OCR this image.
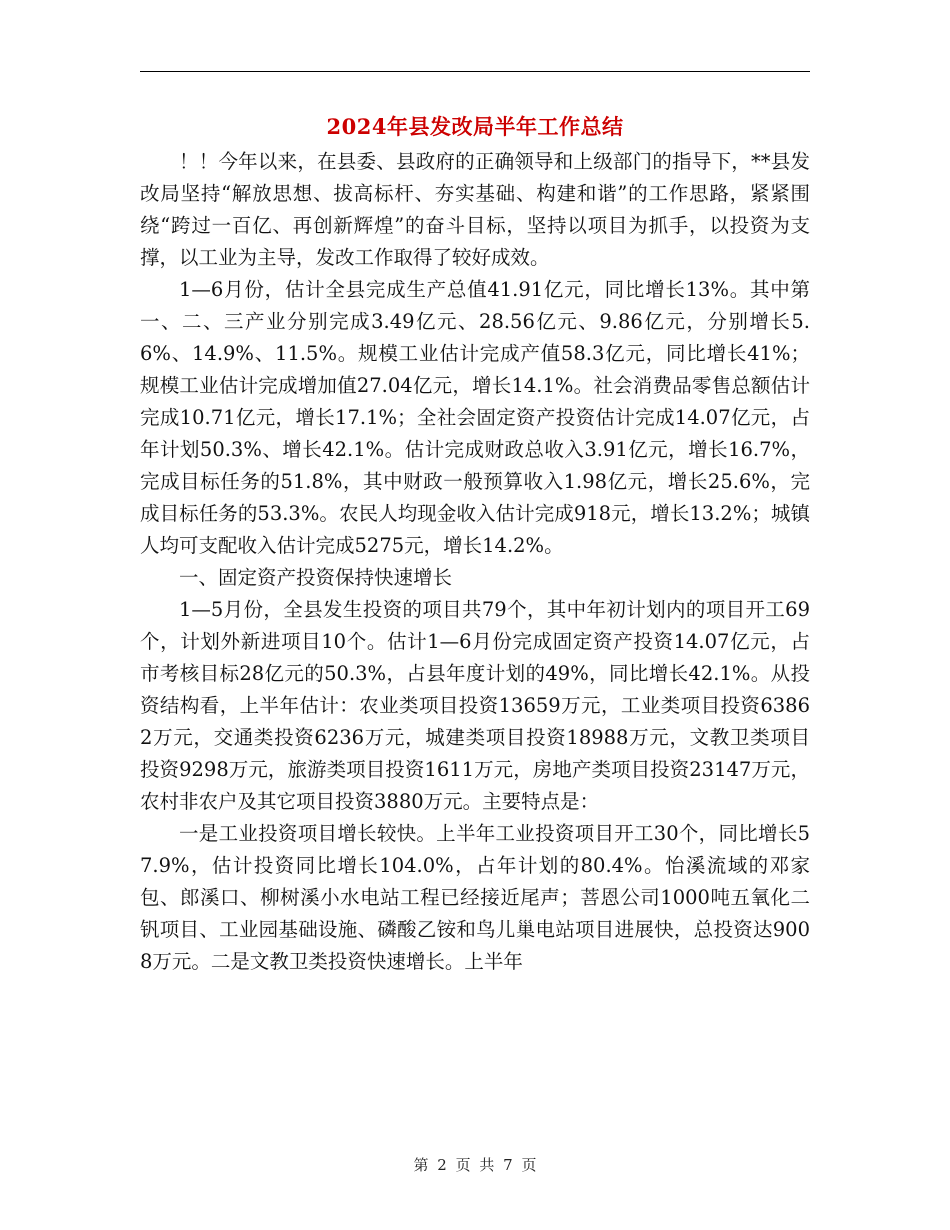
2024年县发改局半年工作总结

！！今年以来，在县委、县政府的正确领导和上级部门的指导下，**县发改局坚持“解放思想、拔高标杆、夯实基础、构建和谐”的工作思路，紧紧围绕“跨过一百亿、再创新辉煌”的奋斗目标，坚持以项目为抓手，以投资为支撑，以工业为主导，发改工作取得了较好成效。

1—6月份，估计全县完成生产总值41.91亿元，同比增长13%。其中第一、二、三产业分别完成3.49亿元、28.56亿元、9.86亿元，分别增长5.6%、14.9%、11.5%。规模工业估计完成产值58.3亿元，同比增长41%；规模工业估计完成增加值27.04亿元，增长14.1%。社会消费品零售总额估计完成10.71亿元，增长17.1%；全社会固定资产投资估计完成14.07亿元，占年计划50.3%、增长42.1%。估计完成财政总收入3.91亿元，增长16.7%，完成目标任务的51.8%，其中财政一般预算收入1.98亿元，增长25.6%，完成目标任务的53.3%。农民人均现金收入估计完成918元，增长13.2%；城镇人均可支配收入估计完成5275元，增长14.2%。

一、固定资产投资保持快速增长

1—5月份，全县发生投资的项目共79个，其中年初计划内的项目开工69个，计划外新进项目10个。估计1—6月份完成固定资产投资14.07亿元，占市考核目标28亿元的50.3%，占县年度计划的49%，同比增长42.1%。从投资结构看，上半年估计：农业类项目投资13659万元，工业类项目投资63862万元，交通类投资6236万元，城建类项目投资18988万元，文教卫类项目投资9298万元，旅游类项目投资1611万元，房地产类项目投资23147万元，农村非农户及其它项目投资3880万元。主要特点是：

一是工业投资项目增长较快。上半年工业投资项目开工30个，同比增长57.9%，估计投资同比增长104.0%，占年计划的80.4%。怡溪流域的邓家包、郎溪口、柳树溪小水电站工程已经接近尾声；菩恩公司1000吨五氧化二钒项目、工业园基础设施、磷酸乙铵和鸟儿巢电站项目进展快，总投资达9008万元。二是文教卫类投资快速增长。上半年

第 2 页 共 7 页
